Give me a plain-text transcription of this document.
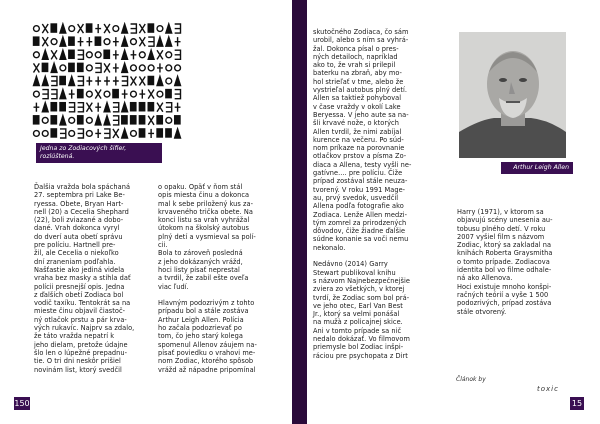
Jedna zo Zodiacových šifier, rozlúštená.
Ďalšia vražda bola spáchaná
27. septembra pri Lake Be-
ryessa. Obete, Bryan Hart-
nell (20) a Cecelia Shephard
(22), boli zviazané a dobo-
dané. Vrah dokonca vyryl
do dverí auta obetí správu
pre políciu. Hartnell pre-
žil, ale Cecelia o niekoľko
dní zraneniam podľahla.
Našťastie ako jediná videla
vraha bez masky a stihla dať
polícii presnejší opis. Jedna
z ďalších obetí Zodiaca bol
vodič taxíku. Tentokrát sa na
mieste činu objavil čiastoč-
ný otlačok prstu a pár krva-
vých rukavíc. Najprv sa zdalo,
že táto vražda nepatrí k
jeho dielam, pretože údajne
šlo len o lúpežné prepadnu-
tie. O tri dni neskôr prišiel
novinám list, ktorý svedčil
o opaku. Opäť v ňom stál
opis miesta činu a dokonca
mal k sebe priložený kus za-
krvaveného trička obete. Na
konci listu sa vrah vyhrážal
útokom na školský autobus
plný detí a vysmieval sa polí-
cii.
Bola to zároveň posledná
z jeho dokázaných vrážd,
hoci listy písať neprestal
a tvrdil, že zabil ešte oveľa
viac ľudí.

Hlavným podozrivým z tohto
prípadu bol a stále zostáva
Arthur Leigh Allen. Polícia
ho začala podozrievať po
tom, čo jeho starý kolega
spomenul Allenov záujem na-
písať poviedku o vrahovi me-
nom Zodiac, ktorého spôsob
vrážd až nápadne pripomínal
150
skutočného Zodiaca, čo sám
urobil, alebo s ním sa vyhrá-
žal. Dokonca písal o pres-
ných detailoch, napríklad
ako to, že vrah si prilepil
baterku na zbraň, aby mo-
hol strieľať v tme, alebo že
vystrieľal autobus plný detí.
Allen sa taktiež pohyboval
v čase vraždy v okolí Lake
Beryessa. V jeho aute sa na-
šli krvavé nože, o ktorých
Allen tvrdil, že nimi zabíjal
kurence na večeru. Po súd-
nom príkaze na porovnanie
otlačkov prstov a písma Zo-
diaca a Allena, testy vyšli ne-
gatívne.... pre políciu. Čiže
prípad zostával stále neuza-
tvorený. V roku 1991 Mage-
au, prvý svedok, usvedčil
Allena podľa fotografie ako
Zodiaca. Lenže Allen medzi-
tým zomrel za prirodzených
dôvodov, čiže žiadne ďalšie
súdne konanie sa voči nemu
nekonalo.

Nedávno (2014) Garry
Stewart publikoval knihu
s názvom Najnebezpečnejšie
zviera zo všetkých, v ktorej
tvrdí, že Zodiac som bol prá-
ve jeho otec, Earl Van Best
Jr., ktorý sa velmi ponášal
na mužà z policajnej skice.
Ani v tomto prípade sa nič
nedalo dokázať. Vo filmovom
priemysle bol Zodiac inšpi-
ráciou pre psychopata z Dirt
Arthur Leigh Allen
Harry (1971), v ktorom sa
objavujú scény unesenia au-
tobusu plného detí. V roku
2007 vyšiel film s názvom
Zodiac, ktorý sa zakladal na
knihách Roberta Graysmitha
o tomto prípade. Zodiacova
identita bol vo filme odhale-
ná ako Allenova.
Hoci existuje mnoho konšpi-
račných teórií a vyše 1 500
podozrivých, prípad zostáva
stále otvorený.
Článok by
toxic
15
